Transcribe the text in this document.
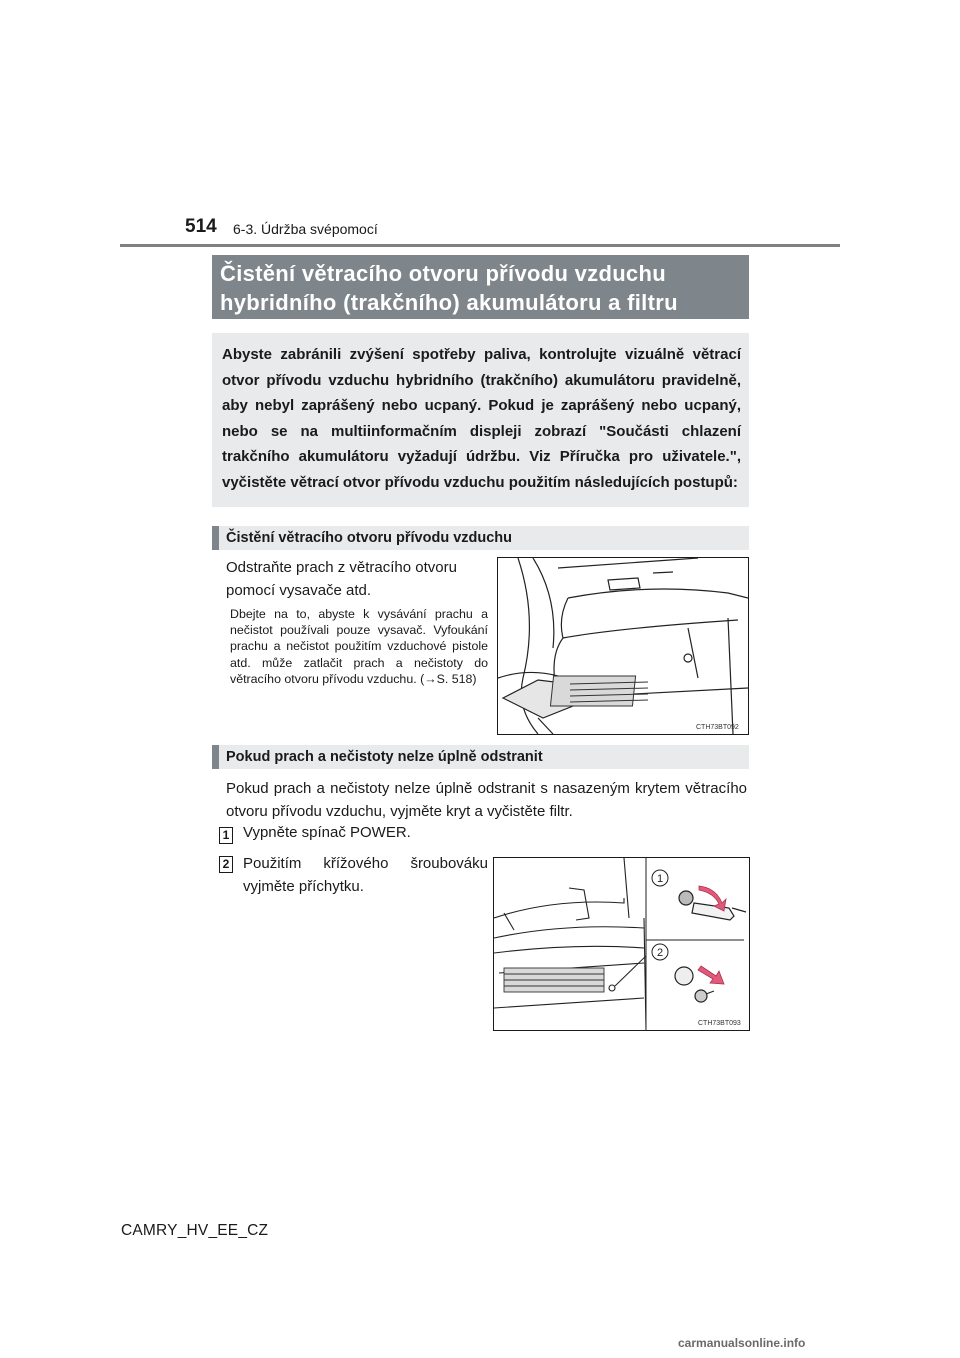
514 6-3. Údržba svépomocí
Čistění větracího otvoru přívodu vzduchu
hybridního (trakčního) akumulátoru a filtru
Abyste zabránili zvýšení spotřeby paliva, kontrolujte vizuálně větrací otvor přívodu vzduchu hybridního (trakčního) akumulátoru pravidelně, aby nebyl zaprášený nebo ucpaný. Pokud je zaprášený nebo ucpaný, nebo se na multiinformačním displeji zobrazí "Součásti chlazení trakčního akumulátoru vyžadují údržbu. Viz Příručka pro uživatele.", vyčistěte větrací otvor přívodu vzduchu použitím následujících postupů:
Čistění větracího otvoru přívodu vzduchu
Odstraňte prach z větracího otvoru pomocí vysavače atd.
Dbejte na to, abyste k vysávání prachu a nečistot používali pouze vysavač. Vyfoukání prachu a nečistot použitím vzduchové pistole atd. může zatlačit prach a nečistoty do větracího otvoru přívodu vzduchu. (→S. 518)
CTH73BT092
Pokud prach a nečistoty nelze úplně odstranit
Pokud prach a nečistoty nelze úplně odstranit s nasazeným krytem větracího otvoru přívodu vzduchu, vyjměte kryt a vyčistěte filtr.
1 Vypněte spínač POWER.
2 Použitím křížového šroubováku vyjměte příchytku.	1
2
CTH73BT093
CAMRY_HV_EE_CZ
carmanualsonline.info
